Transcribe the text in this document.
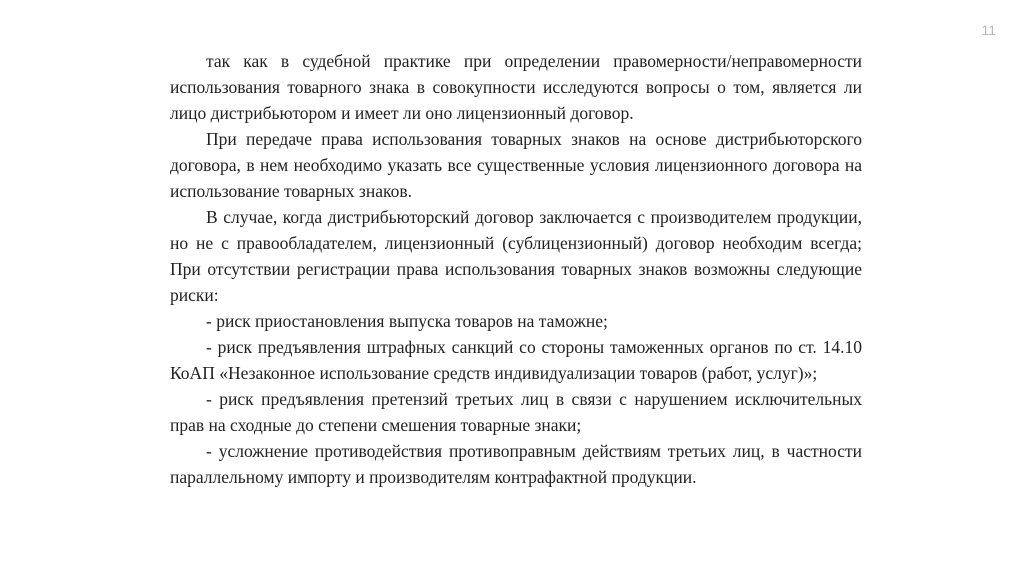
11

так как в судебной практике при определении правомерности/неправомерности использования товарного знака в совокупности исследуются вопросы о том, является ли лицо дистрибьютором и имеет ли оно лицензионный договор.

При передаче права использования товарных знаков на основе дистрибьюторского договора, в нем необходимо указать все существенные условия лицензионного договора на использование товарных знаков.

В случае, когда дистрибьюторский договор заключается с производителем продукции, но не с правообладателем, лицензионный (сублицензионный) договор необходим всегда; При отсутствии регистрации права использования товарных знаков возможны следующие риски:

- риск приостановления выпуска товаров на таможне;

- риск предъявления штрафных санкций со стороны таможенных органов по ст. 14.10 КоАП «Незаконное использование средств индивидуализации товаров (работ, услуг)»;

- риск предъявления претензий третьих лиц в связи с нарушением исключительных прав на сходные до степени смешения товарные знаки;

- усложнение противодействия противоправным действиям третьих лиц, в частности параллельному импорту и производителям контрафактной продукции.
